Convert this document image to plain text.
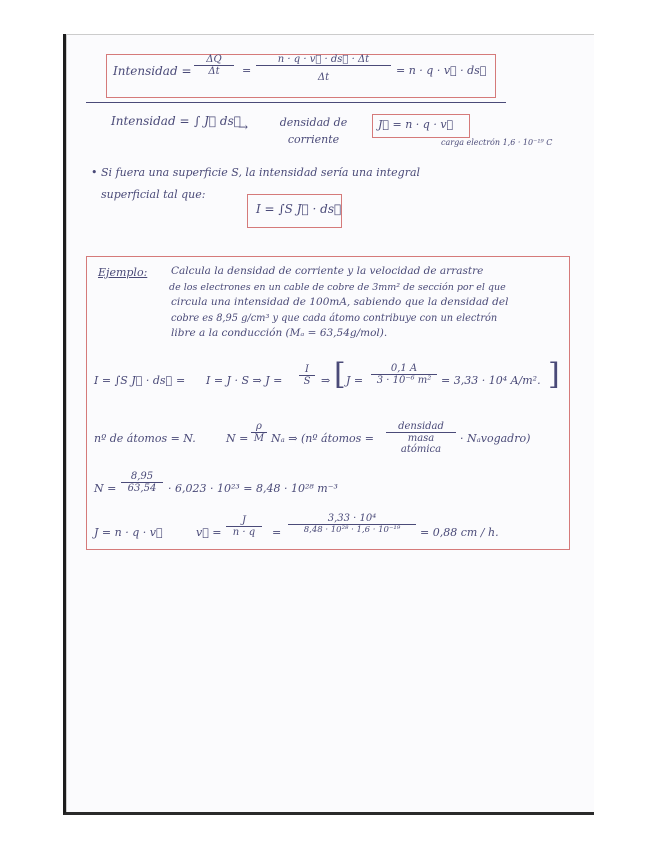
Intensidad = $\frac{\Delta Q}{\Delta t} = \frac{n \cdot q \cdot v⃗ \cdot ds⃗ \cdot \Delta t}{\Delta t} = n \cdot q$ · v⃗ · ds⃗
Intensidad = ∫ J⃗ ds⃗
→	densidad de corriente
J⃗ = n · q · v⃗
carga electrón 1,6 · 10⁻¹⁹ C
• Si fuera una superficie S, la intensidad sería una integral
superficial tal que:
I = ∫S J⃗ · ds⃗
Ejemplo: Calcula la densidad de corriente y la velocidad de arrastre
de los electrones en un cable de cobre de 3mm² de sección por el que
circula una intensidad de 100mA, sabiendo que la densidad del
cobre es 8,95 g/cm³ y que cada átomo contribuye con un electrón
libre a la conducción (Mₐ = 63,54g/mol).
I = ∫S J⃗ · ds⃗ = I = J · S ⇒ $J = \frac{I}{S}$ ⇒ [ $J = \frac{0,1 A}{\text{3 · 10⁻⁶ m²}} = 3,33 \cdot 10^4$ A/m². ]
nº de átomos = N.	$N = \frac{\rho}{M}$ Nₐ ⇒ (nº átomos =
densidad
masa atómica
· Nₐvogadro)
$N = \frac{8,95}{63,54} \cdot 6,023 \cdot 10^{23} = 8,48 \cdot 10^{28}$ m⁻³
J = n · q · v⃗	v⃗ = $\frac{J}{n \cdot q} = \frac{\text{3,33 · 10⁴}}{\text{8,48 · 10²⁸ · 1,6 · 10⁻¹⁹}} = 0,88$ cm / h.
